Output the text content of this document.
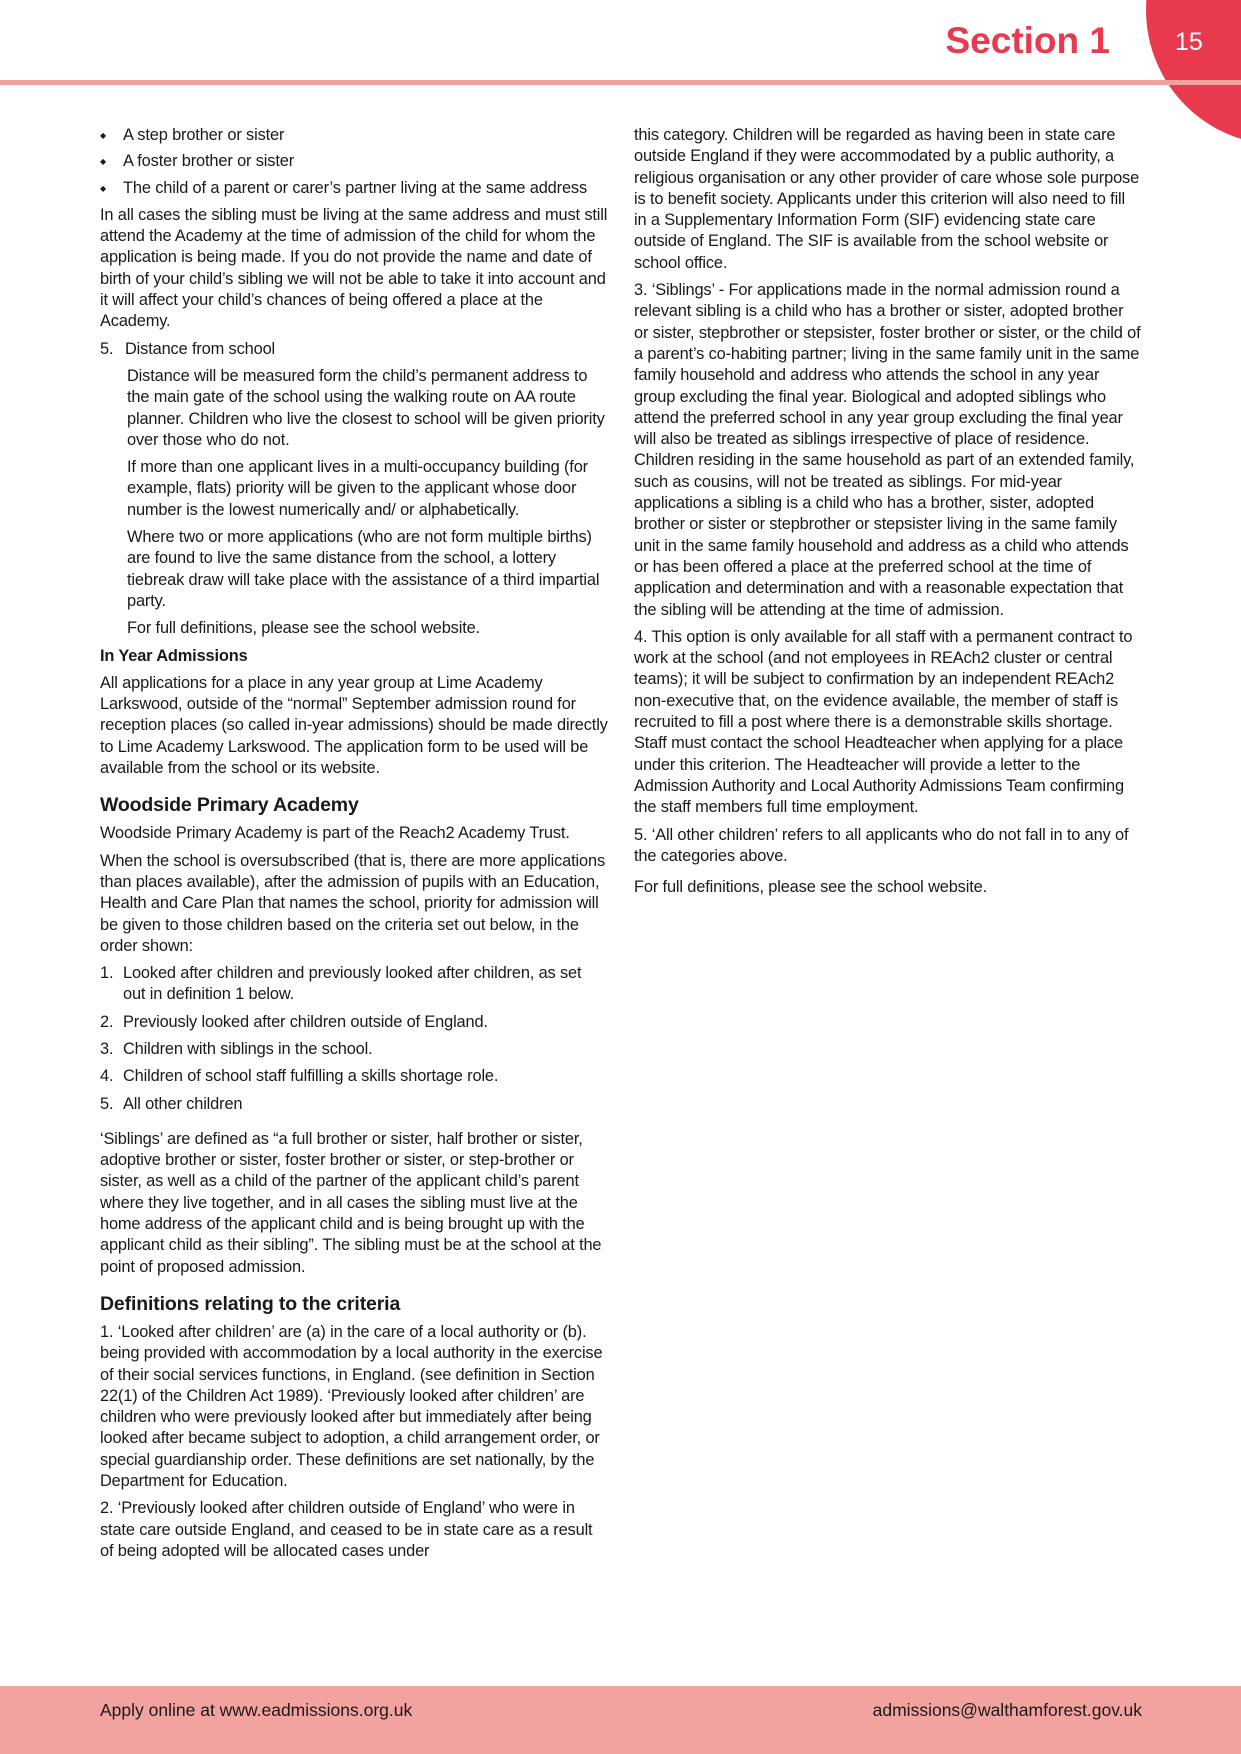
15
Section 1
◆ A step brother or sister
◆ A foster brother or sister
◆ The child of a parent or carer’s partner living at the same address

In all cases the sibling must be living at the same address and must still attend the Academy at the time of admission of the child for whom the application is being made. If you do not provide the name and date of birth of your child’s sibling we will not be able to take it into account and it will affect your child’s chances of being offered a place at the Academy.

5. Distance from school

Distance will be measured form the child’s permanent address to the main gate of the school using the walking route on AA route planner. Children who live the closest to school will be given priority over those who do not.

If more than one applicant lives in a multi-occupancy building (for example, flats) priority will be given to the applicant whose door number is the lowest numerically and/ or alphabetically.

Where two or more applications (who are not form multiple births) are found to live the same distance from the school, a lottery tiebreak draw will take place with the assistance of a third impartial party.

For full definitions, please see the school website.

In Year Admissions

All applications for a place in any year group at Lime Academy Larkswood, outside of the “normal” September admission round for reception places (so called in-year admissions) should be made directly to Lime Academy Larkswood. The application form to be used will be available from the school or its website.

Woodside Primary Academy

Woodside Primary Academy is part of the Reach2 Academy Trust.

When the school is oversubscribed (that is, there are more applications than places available), after the admission of pupils with an Education, Health and Care Plan that names the school, priority for admission will be given to those children based on the criteria set out below, in the order shown:

1. Looked after children and previously looked after children, as set out in definition 1 below.
2. Previously looked after children outside of England.
3. Children with siblings in the school.
4. Children of school staff fulfilling a skills shortage role.
5. All other children

‘Siblings’ are defined as “a full brother or sister, half brother or sister, adoptive brother or sister, foster brother or sister, or step-brother or sister, as well as a child of the partner of the applicant child’s parent where they live together, and in all cases the sibling must live at the home address of the applicant child and is being brought up with the applicant child as their sibling”. The sibling must be at the school at the point of proposed admission.

Definitions relating to the criteria

1. ‘Looked after children’ are (a) in the care of a local authority or (b). being provided with accommodation by a local authority in the exercise of their social services functions, in England. (see definition in Section 22(1) of the Children Act 1989). ‘Previously looked after children’ are children who were previously looked after but immediately after being looked after became subject to adoption, a child arrangement order, or special guardianship order. These definitions are set nationally, by the Department for Education.

2. ‘Previously looked after children outside of England’ who were in state care outside England, and ceased to be in state care as a result of being adopted will be allocated cases under

this category. Children will be regarded as having been in state care outside England if they were accommodated by a public authority, a religious organisation or any other provider of care whose sole purpose is to benefit society. Applicants under this criterion will also need to fill in a Supplementary Information Form (SIF) evidencing state care outside of England. The SIF is available from the school website or school office.

3. ‘Siblings’ - For applications made in the normal admission round a relevant sibling is a child who has a brother or sister, adopted brother or sister, stepbrother or stepsister, foster brother or sister, or the child of a parent’s co-habiting partner; living in the same family unit in the same family household and address who attends the school in any year group excluding the final year. Biological and adopted siblings who attend the preferred school in any year group excluding the final year will also be treated as siblings irrespective of place of residence. Children residing in the same household as part of an extended family, such as cousins, will not be treated as siblings. For mid-year applications a sibling is a child who has a brother, sister, adopted brother or sister or stepbrother or stepsister living in the same family unit in the same family household and address as a child who attends or has been offered a place at the preferred school at the time of application and determination and with a reasonable expectation that the sibling will be attending at the time of admission.

4. This option is only available for all staff with a permanent contract to work at the school (and not employees in REAch2 cluster or central teams); it will be subject to confirmation by an independent REAch2 non-executive that, on the evidence available, the member of staff is recruited to fill a post where there is a demonstrable skills shortage. Staff must contact the school Headteacher when applying for a place under this criterion. The Headteacher will provide a letter to the Admission Authority and Local Authority Admissions Team confirming the staff members full time employment.

5. ‘All other children’ refers to all applicants who do not fall in to any of the categories above.

For full definitions, please see the school website.

Apply online at www.eadmissions.org.uk	admissions@walthamforest.gov.uk
